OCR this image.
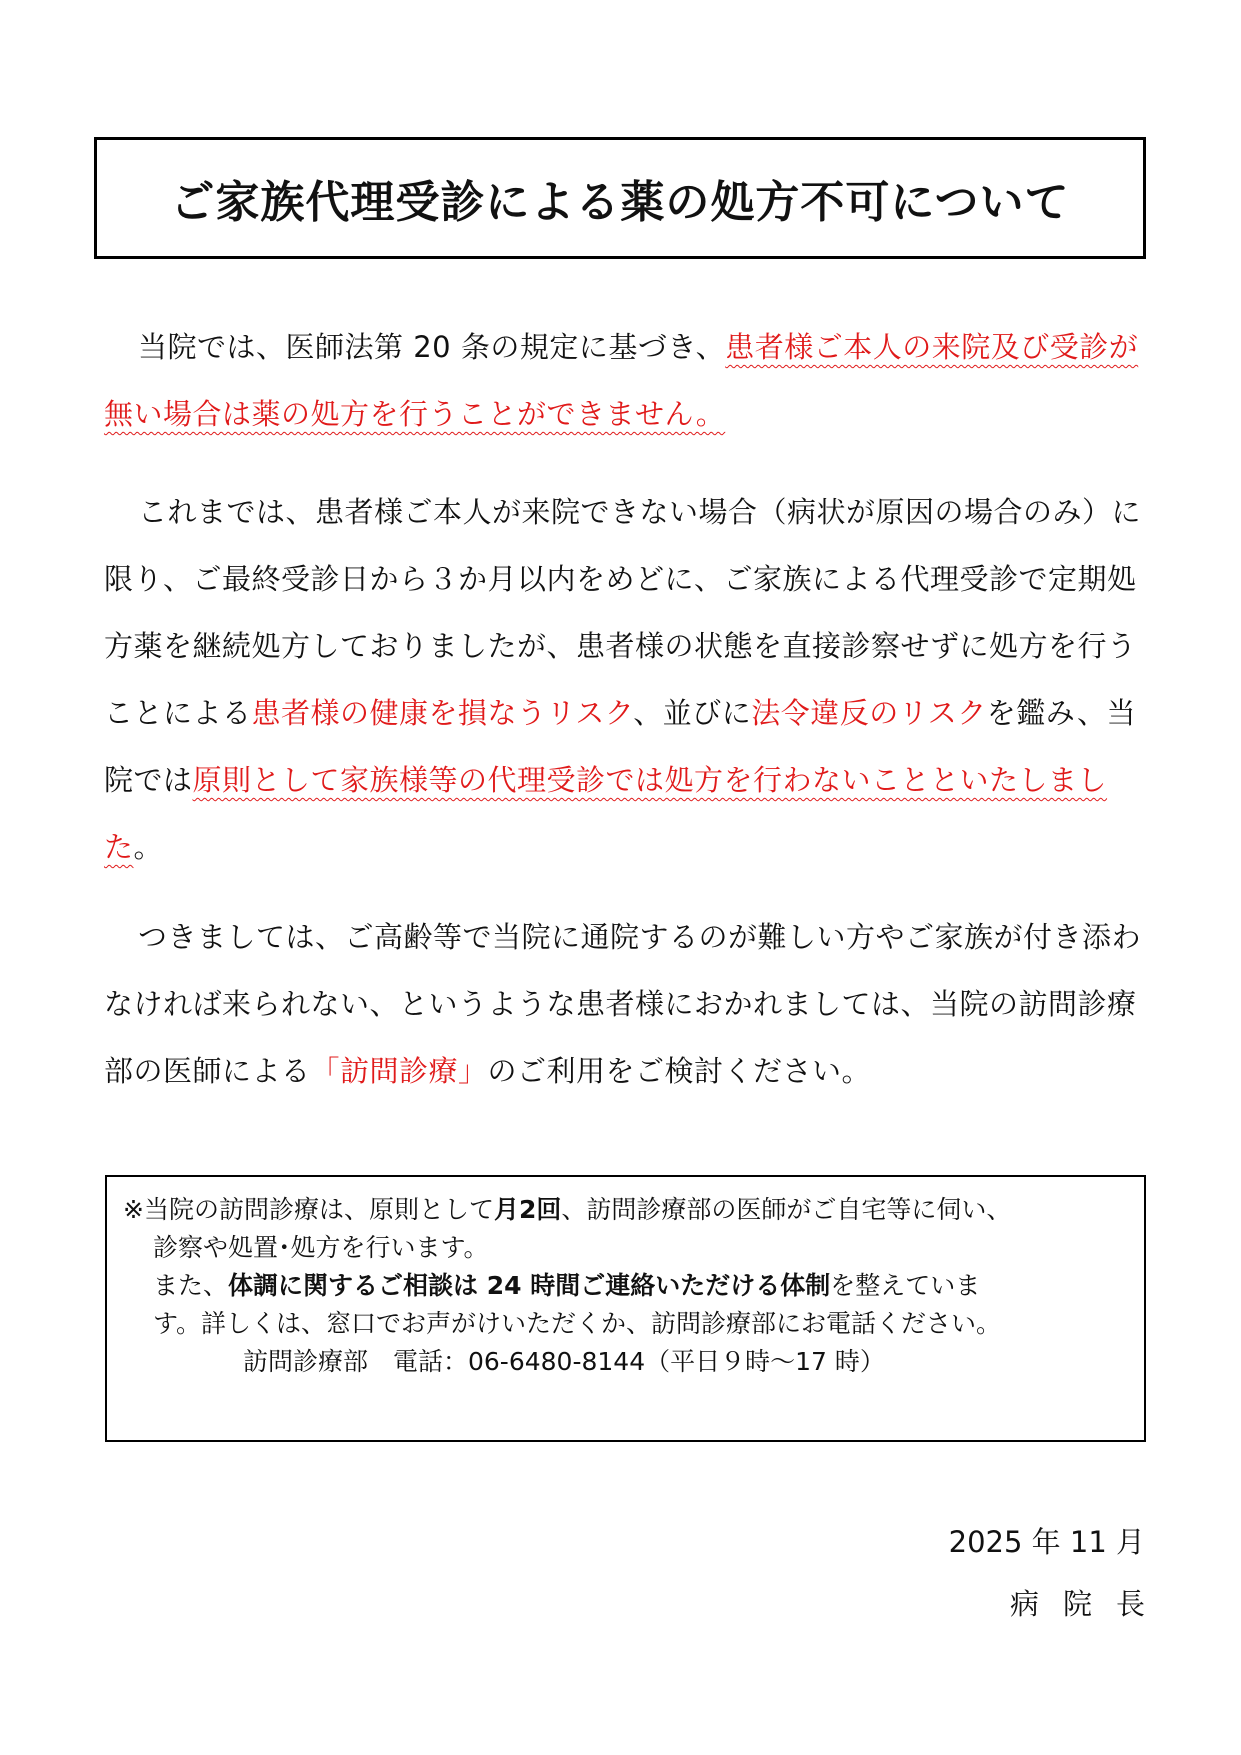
ご家族代理受診による薬の処方不可について

当院では、医師法第 20 条の規定に基づき、患者様ご本人の来院及び受診が無い場合は薬の処方を行うことができません。

これまでは、患者様ご本人が来院できない場合（病状が原因の場合のみ）に限り、ご最終受診日から３か月以内をめどに、ご家族による代理受診で定期処方薬を継続処方しておりましたが、患者様の状態を直接診察せずに処方を行うことによる患者様の健康を損なうリスク、並びに法令違反のリスクを鑑み、当院では原則として家族様等の代理受診では処方を行わないことといたしました。

つきましては、ご高齢等で当院に通院するのが難しい方やご家族が付き添わなければ来られない、というような患者様におかれましては、当院の訪問診療部の医師による「訪問診療」のご利用をご検討ください。

※当院の訪問診療は、原則として月2回、訪問診療部の医師がご自宅等に伺い、

診察や処置･処方を行います。

また、体調に関するご相談は 24 時間ご連絡いただける体制を整えていま

す。詳しくは、窓口でお声がけいただくか、訪問診療部にお電話ください。

訪問診療部　電話：06-6480-8144（平日９時～17 時）

2025 年 11 月

病院長
